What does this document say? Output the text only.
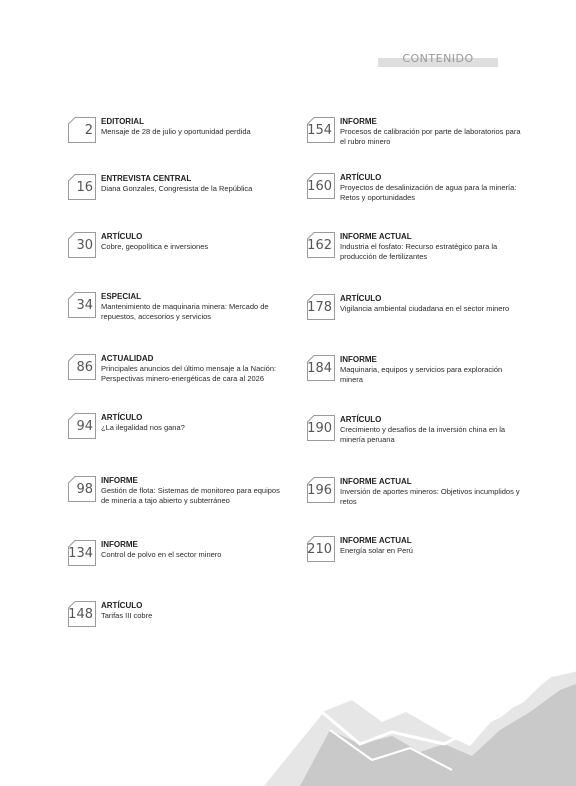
CONTENIDO
2
EDITORIAL
Mensaje de 28 de julio y oportunidad perdida
16
ENTREVISTA CENTRAL
Diana Gonzales, Congresista de la República
30
ARTÍCULO
Cobre, geopolítica e inversiones
34
ESPECIAL
Mantenimiento de maquinaria minera: Mercado de repuestos, accesorios y servicios
86
ACTUALIDAD
Principales anuncios del último mensaje a la Nación: Perspectivas minero-energéticas de cara al 2026
94
ARTÍCULO
¿La ilegalidad nos gana?
98
INFORME
Gestión de flota: Sistemas de monitoreo para equipos de minería a tajo abierto y subterráneo
134
INFORME
Control de polvo en el sector minero
148
ARTÍCULO
Tarifas III cobre
154
INFORME
Procesos de calibración por parte de laboratorios para el rubro minero
160
ARTÍCULO
Proyectos de desalinización de agua para la minería: Retos y oportunidades
162
INFORME ACTUAL
Industria el fosfato: Recurso estratégico para la producción de fertilizantes
178
ARTÍCULO
Vigilancia ambiental ciudadana en el sector minero
184
INFORME
Maquinaria, equipos y servicios para exploración minera
190
ARTÍCULO
Crecimiento y desafíos de la inversión china en la minería peruana
196
INFORME ACTUAL
Inversión de aportes mineros: Objetivos incumplidos y retos
210
INFORME ACTUAL
Energía solar en Perú
